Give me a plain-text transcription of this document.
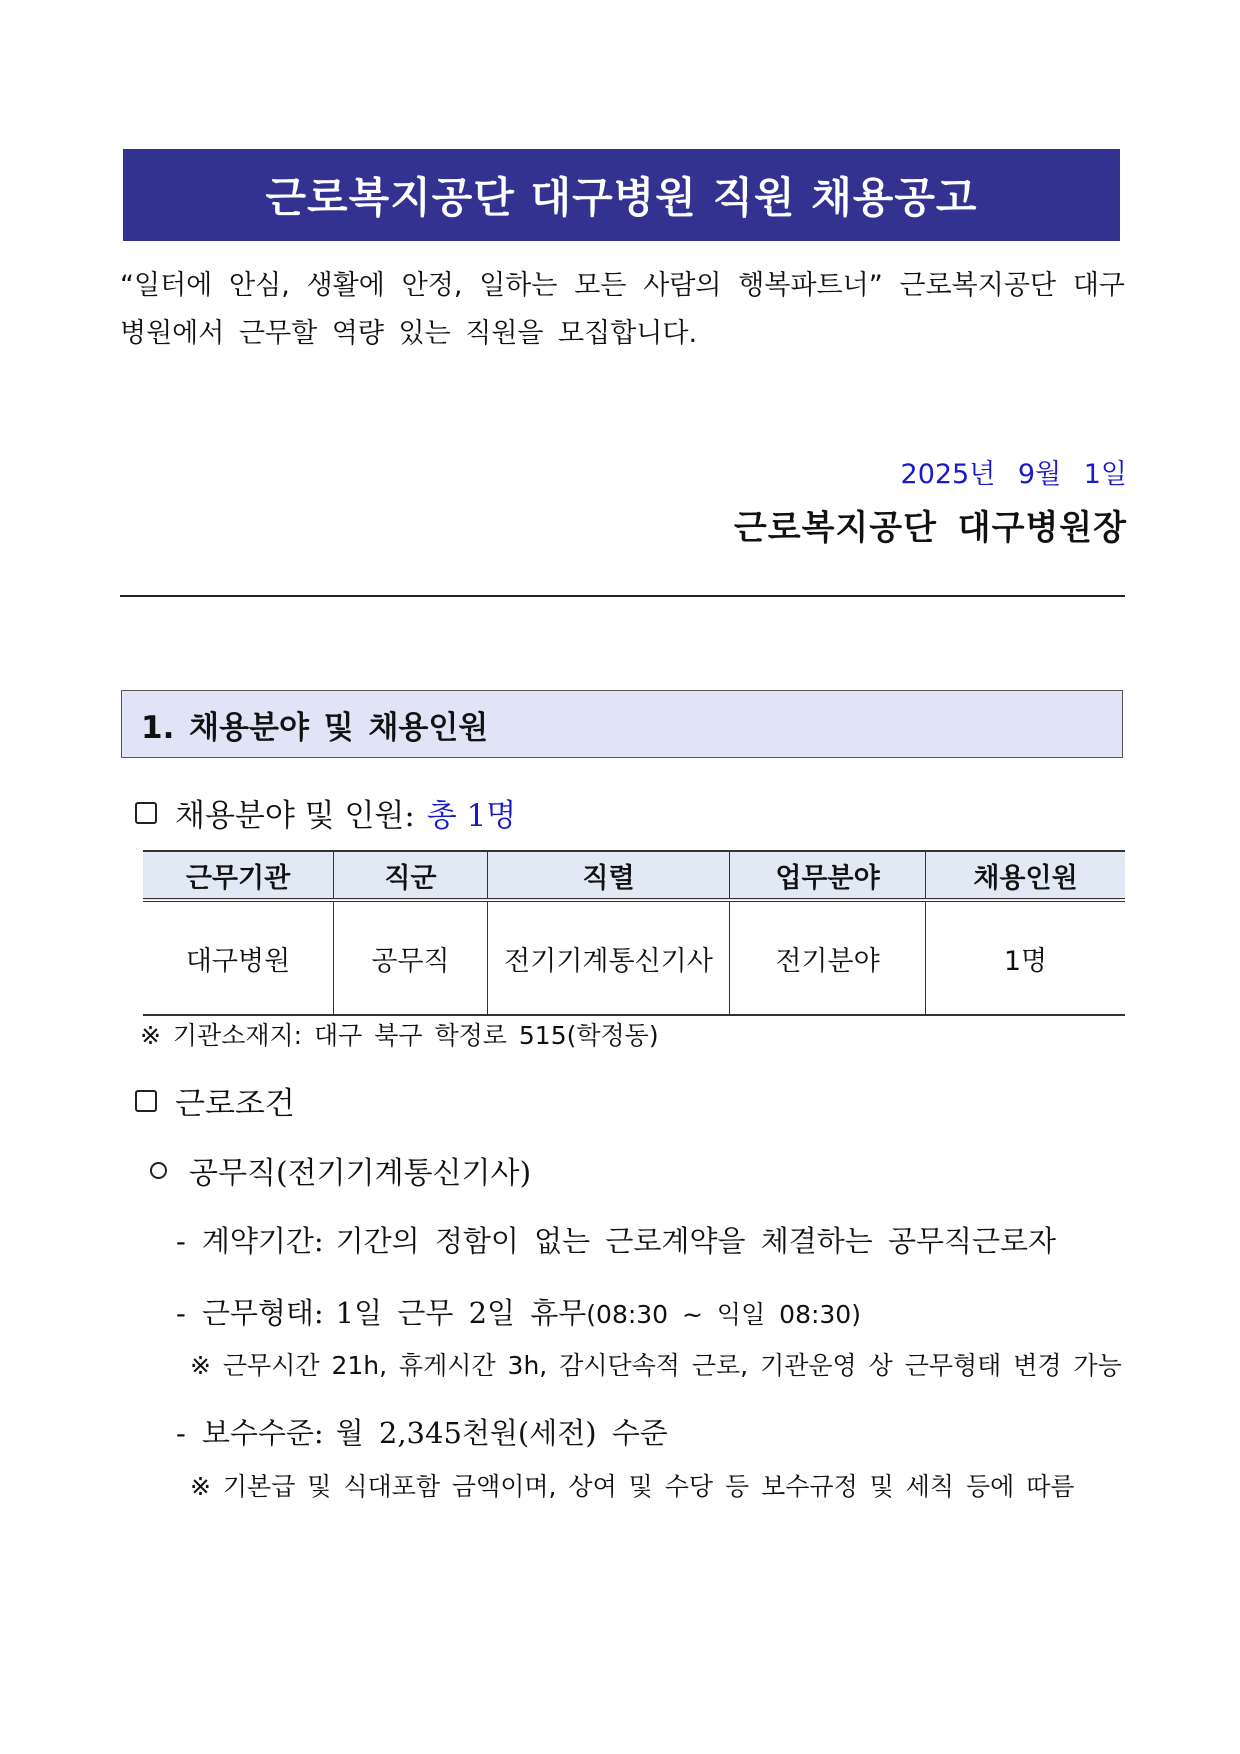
근로복지공단 대구병원 직원 채용공고
“일터에 안심, 생활에 안정, 일하는 모든 사람의 행복파트너” 근로복지공단 대구병원에서 근무할 역량 있는 직원을 모집합니다.
2025년 9월 1일
근로복지공단 대구병원장
1. 채용분야 및 채용인원
채용분야 및 인원: 총 1명
근무기관	직군	직렬	업무분야	채용인원
대구병원	공무직	전기기계통신기사	전기분야	1명
※ 기관소재지: 대구 북구 학정로 515(학정동)
근로조건
공무직(전기기계통신기사)
- 계약기간: 기간의 정함이 없는 근로계약을 체결하는 공무직근로자
- 근무형태: 1일 근무 2일 휴무 (08:30 ~ 익일 08:30)
※ 근무시간 21h, 휴게시간 3h, 감시단속적 근로, 기관운영 상 근무형태 변경 가능
- 보수수준: 월 2,345천원(세전) 수준
※ 기본급 및 식대포함 금액이며, 상여 및 수당 등 보수규정 및 세칙 등에 따름
